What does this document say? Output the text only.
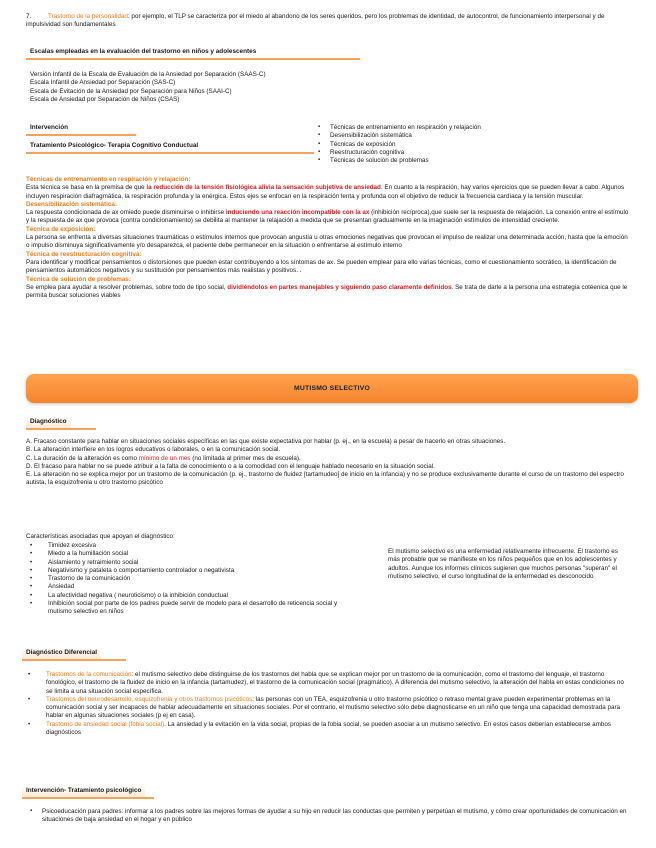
7.	Trastorno de la personalidad: por ejemplo, el TLP se caracteriza por el miedo al abandono de los seres queridos, pero los problemas de identidad, de autocontrol, de funcionamiento interpersonal y de impulsividad son fundamentales
Escalas empleadas en la evaluación del trastorno en niños y adolescentes
Versión Infantil de la Escala de Evaluación de la Ansiedad por Separación (SAAS-C)
Escala Infantil de Ansiedad por Separación (SAS-C)
Escala de Evitación de la Ansiedad por Separación para Niños (SAAI-C)
Escala de Ansiedad por Separación de Niños (CSAS)
Intervención
Tratamiento Psicológico- Terapia Cognitivo Conductual
▪ Técnicas de entrenamiento en respiración y relajación
▪ Desensibilización sistemática
▪ Técnicas de exposición
▪ Reestructuración cognitiva
▪ Técnicas de solución de problemas
Técnicas de entrenamiento en respiración y relajación:

Esta técnica se basa en la premisa de que la reducción de la tensión fisiológica alivia la sensación subjetiva de ansiedad. En cuanto a la respiración, hay varios ejercicios que se pueden llevar a cabo. Algunos incluyen respiración diafragmática, la respiración profunda y la enérgica. Estos ejes se enfocan en la respiración lenta y profunda con el objetivo de reducir la frecuencia cardíaca y la tensión muscular.

Desensibilización sistemática:

La respuesta condicionada de ax omiedo puede disminuirse o inhibirse induciendo una reacción incompatible con la ax (inhibición recíproca),que suele ser la respuesta de relajación. La conexión entre el estímulo y la respuesta de ax que provoca (contra condicionamiento) se debilita al mantener la relajación a medida que se presentan gradualmente en la imaginación estímulos de intensidad creciente.

Técnica de exposición:

La persona se enfrenta a diversas situaciones traumáticas o estímulos internos que provocan angustia u otras emociones negativas que provocan el impulso de realizar una determinada acción, hasta que la emoción o impulso disminuya significativamente y/o desaparezca, el paciente debe permanecer en la situación o enfrentarse al estímulo interno

Técnica de reestructuración cognitiva:

Para identificar y modificar pensamientos o distorsiones que pueden estar contribuyendo a los síntomas de ax. Se pueden emplear para ello varias técnicas, como el cuestionamiento socrático, la identificación de pensamientos automáticos negativos y su sustitución por pensamientos más realistas y positivos. .

Técnica de solución de problemas:

Se emplea para ayudar a resolver problemas, sobre todo de tipo social, dividiéndolos en partes manejables y siguiendo paso claramente definidos. Se trata de darle a la persona una estrategia cotéenica que le permita buscar soluciones viables

MUTISMO SELECTIVO
Diagnóstico

A. Fracaso constante para hablar en situaciones sociales específicas en las que existe expectativa por hablar (p. ej., en la escuela) a pesar de hacerlo en otras situaciones.

B. La alteración interfiere en los logros educativos o laborales, o en la comunicación social.

C. La duración de la alteración es como mínimo de un mes (no limitada al primer mes de escuela).

D. El fracaso para hablar no se puede atribuir a la falta de conocimiento o a la comodidad con el lenguaje hablado necesario en la situación social.

E. La alteración no se explica mejor por un trastorno de la comunicación (p. ej., trastorno de fluidez [tartamudeo] de inicio en la infancia) y no se produce exclusivamente durante el curso de un trastorno del espectro autista, la esquizofrenia u otro trastorno psicótico

Características asociadas que apoyan el diagnóstico:
• Timidez excesiva
• Miedo a la humillación social
• Aislamiento y retraimiento social
• Negativismo y pataleta o comportamiento controlador o negativista
• Trastorno de la comunicación
• Ansiedad
• La afectividad negativa ( neuroticismo) o la inhibición conductual
• Inhibición social por parte de los padres puede servir de modelo para el desarrollo de reticencia social y mutismo selectivo en niños
El mutismo selectivo es una enfermedad relativamente infrecuente. El trastorno es más probable que se manifieste en los niños pequeños que en los adolescentes y adultos. Aunque los informes clínicos sugieren que muchos personas "superan" el mutismo selectivo, el curso longitudinal de la enfermedad es desconocido
Diagnóstico Diferencial
• Trastornos de la comunicación: el mutismo selectivo debe distinguirse de los trastornos del habla que se explican mejor por un trastorno de la comunicación, como el trastorno del lenguaje, el trastorno fonológico, el trastorno de la fluidez de inicio en la infancia (tartamudez), el trastorno de la comunicación social (pragmático). A diferencia del mutismo selectivo, la alteración del habla en estas condiciones no se limita a una situación social específica.
• Trastornos del neurodesarrollo, esquizofrenia y otros trastornos psicóticos: las personas con un TEA, esquizofrenia u otro trastorno psicótico o retraso mental grave pueden experimentar problemas en la comunicación social y ser incapaces de hablar adecuadamente en situaciones sociales. Por el contrario, el mutismo selectivo sólo debe diagnosticarse en un niño que tenga una capacidad demostrada para hablar en algunas situaciones sociales (p ej en casa).
• Trastorno de ansiedad social (fobia social). La ansiedad y la evitación en la vida social, propias de la fobia social, se pueden asociar a un mutismo selectivo. En estos casos deberían establecerse ambos diagnósticos
Intervención- Tratamiento psicológico
▪ Psicoeducación para padres: informar a los padres sobre las mejores formas de ayudar a su hijo en reducir las conductas que permiten y perpetúan el mutismo, y cómo crear oportunidades de comunicación en situaciones de baja ansiedad en el hogar y en público
